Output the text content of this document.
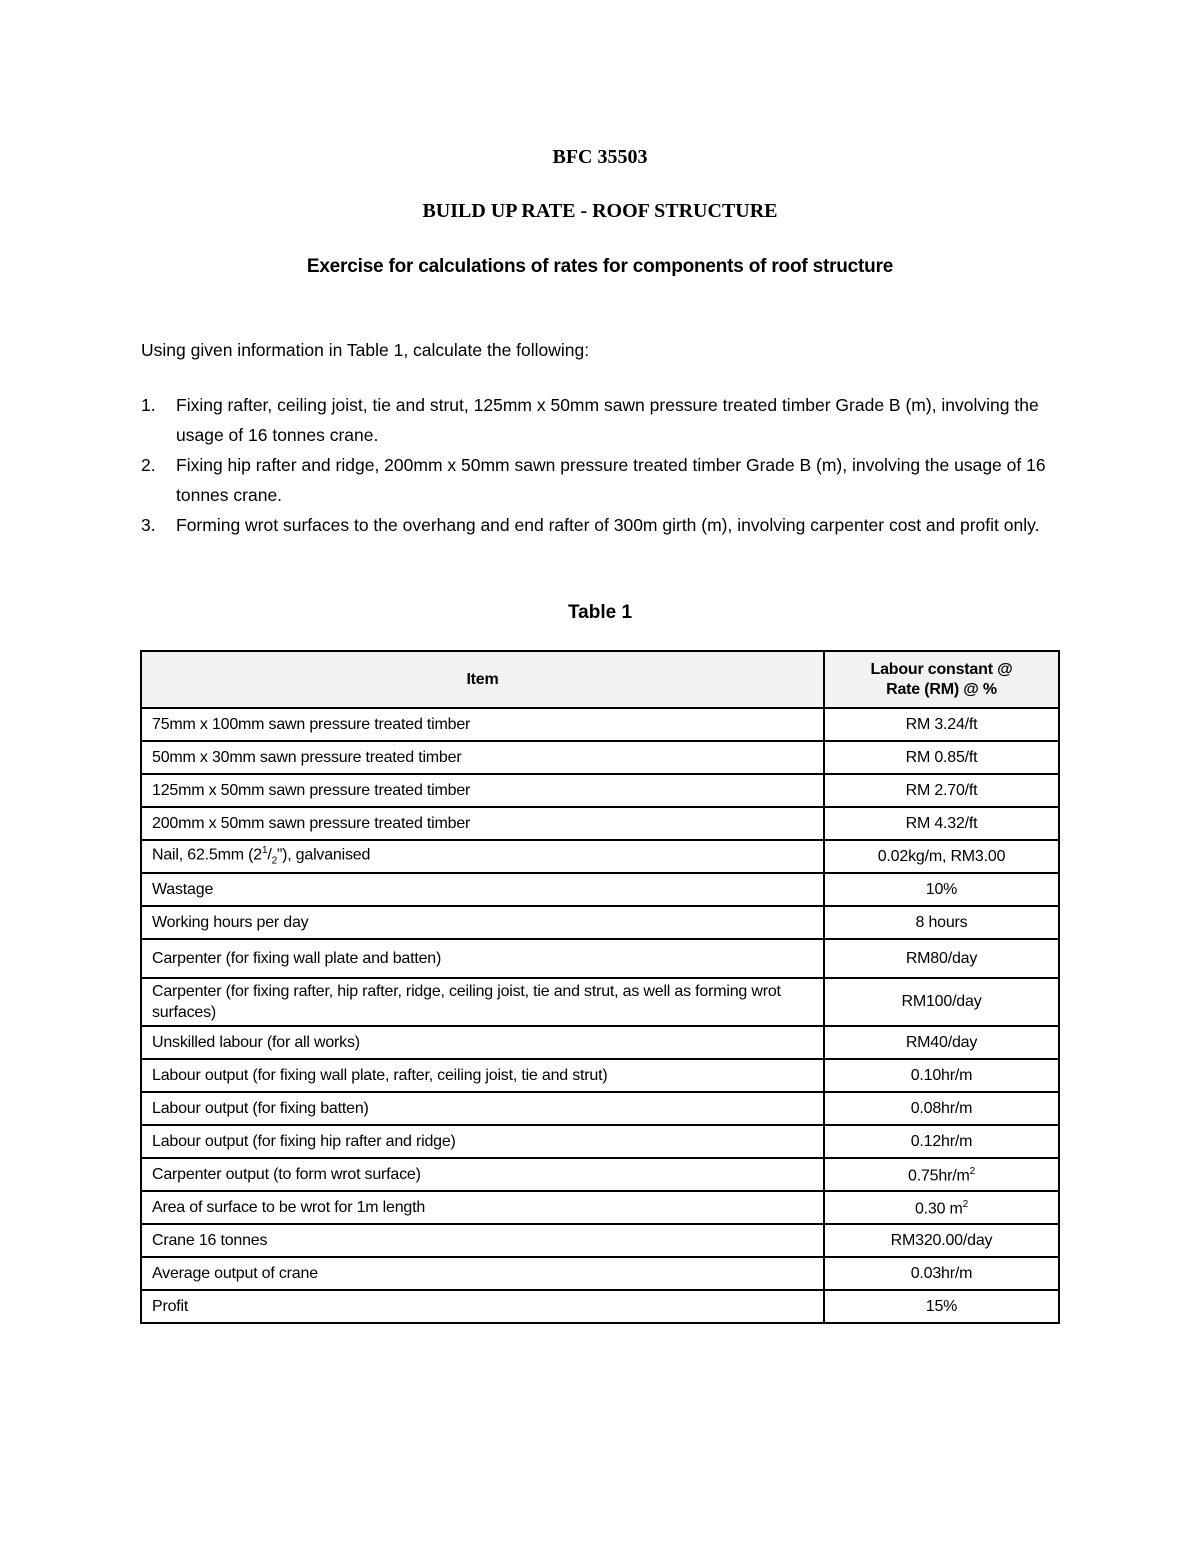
BFC 35503
BUILD UP RATE - ROOF STRUCTURE
Exercise for calculations of rates for components of roof structure
Using given information in Table 1, calculate the following:
1. Fixing rafter, ceiling joist, tie and strut, 125mm x 50mm sawn pressure treated timber Grade B (m), involving the usage of 16 tonnes crane.
2. Fixing hip rafter and ridge, 200mm x 50mm sawn pressure treated timber Grade B (m), involving the usage of 16 tonnes crane.
3. Forming wrot surfaces to the overhang and end rafter of 300m girth (m), involving carpenter cost and profit only.
Table 1
Item	Labour constant @
Rate (RM) @ %
75mm x 100mm sawn pressure treated timber	RM 3.24/ft
50mm x 30mm sawn pressure treated timber	RM 0.85/ft
125mm x 50mm sawn pressure treated timber	RM 2.70/ft
200mm x 50mm sawn pressure treated timber	RM 4.32/ft
Nail, 62.5mm $(2^1/_2”)$, galvanised	0.02kg/m, RM3.00
Wastage	10%
Working hours per day	8 hours
Carpenter (for fixing wall plate and batten)	RM80/day
Carpenter (for fixing rafter, hip rafter, ridge, ceiling joist, tie and strut, as well as forming wrot surfaces)	RM100/day
Unskilled labour (for all works)	RM40/day
Labour output (for fixing wall plate, rafter, ceiling joist, tie and strut)	0.10hr/m
Labour output (for fixing batten)	0.08hr/m
Labour output (for fixing hip rafter and ridge)	0.12hr/m
Carpenter output (to form wrot surface)	$0.75hr/m^2$
Area of surface to be wrot for 1m length	0.30 $m^2$
Crane 16 tonnes	RM320.00/day
Average output of crane	0.03hr/m
Profit	15%
